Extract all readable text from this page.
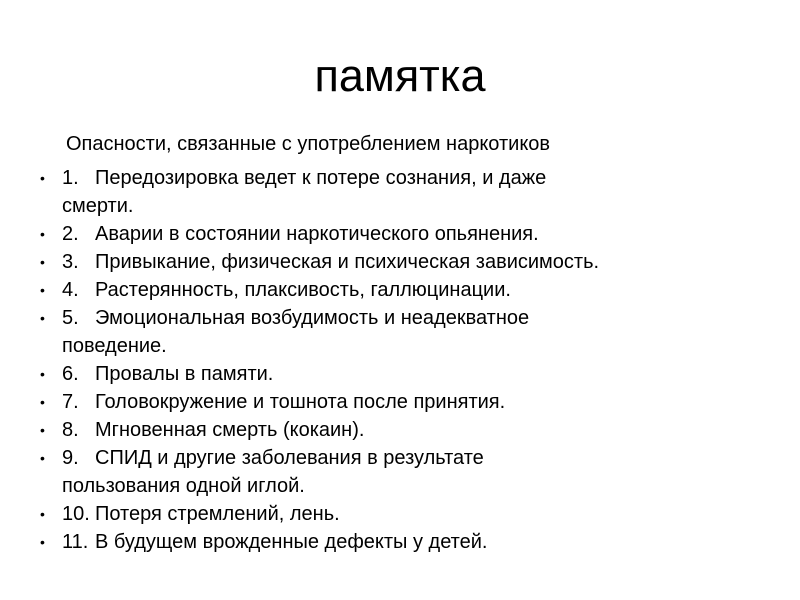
памятка

Опасности, связанные с употреблением наркотиков

• 1. Передозировка ведет к потере сознания, и даже
смерти.
• 2. Аварии в состоянии наркотического опьянения.
• 3. Привыкание, физическая и психическая зависимость.
• 4. Растерянность, плаксивость, галлюцинации.
• 5. Эмоциональная возбудимость и неадекватное
поведение.
• 6. Провалы в памяти.
• 7. Головокружение и тошнота после принятия.
• 8. Мгновенная смерть (кокаин).
• 9. СПИД и другие заболевания в результате
пользования одной иглой.
• 10. Потеря стремлений, лень.
• 11. В будущем врожденные дефекты у детей.
